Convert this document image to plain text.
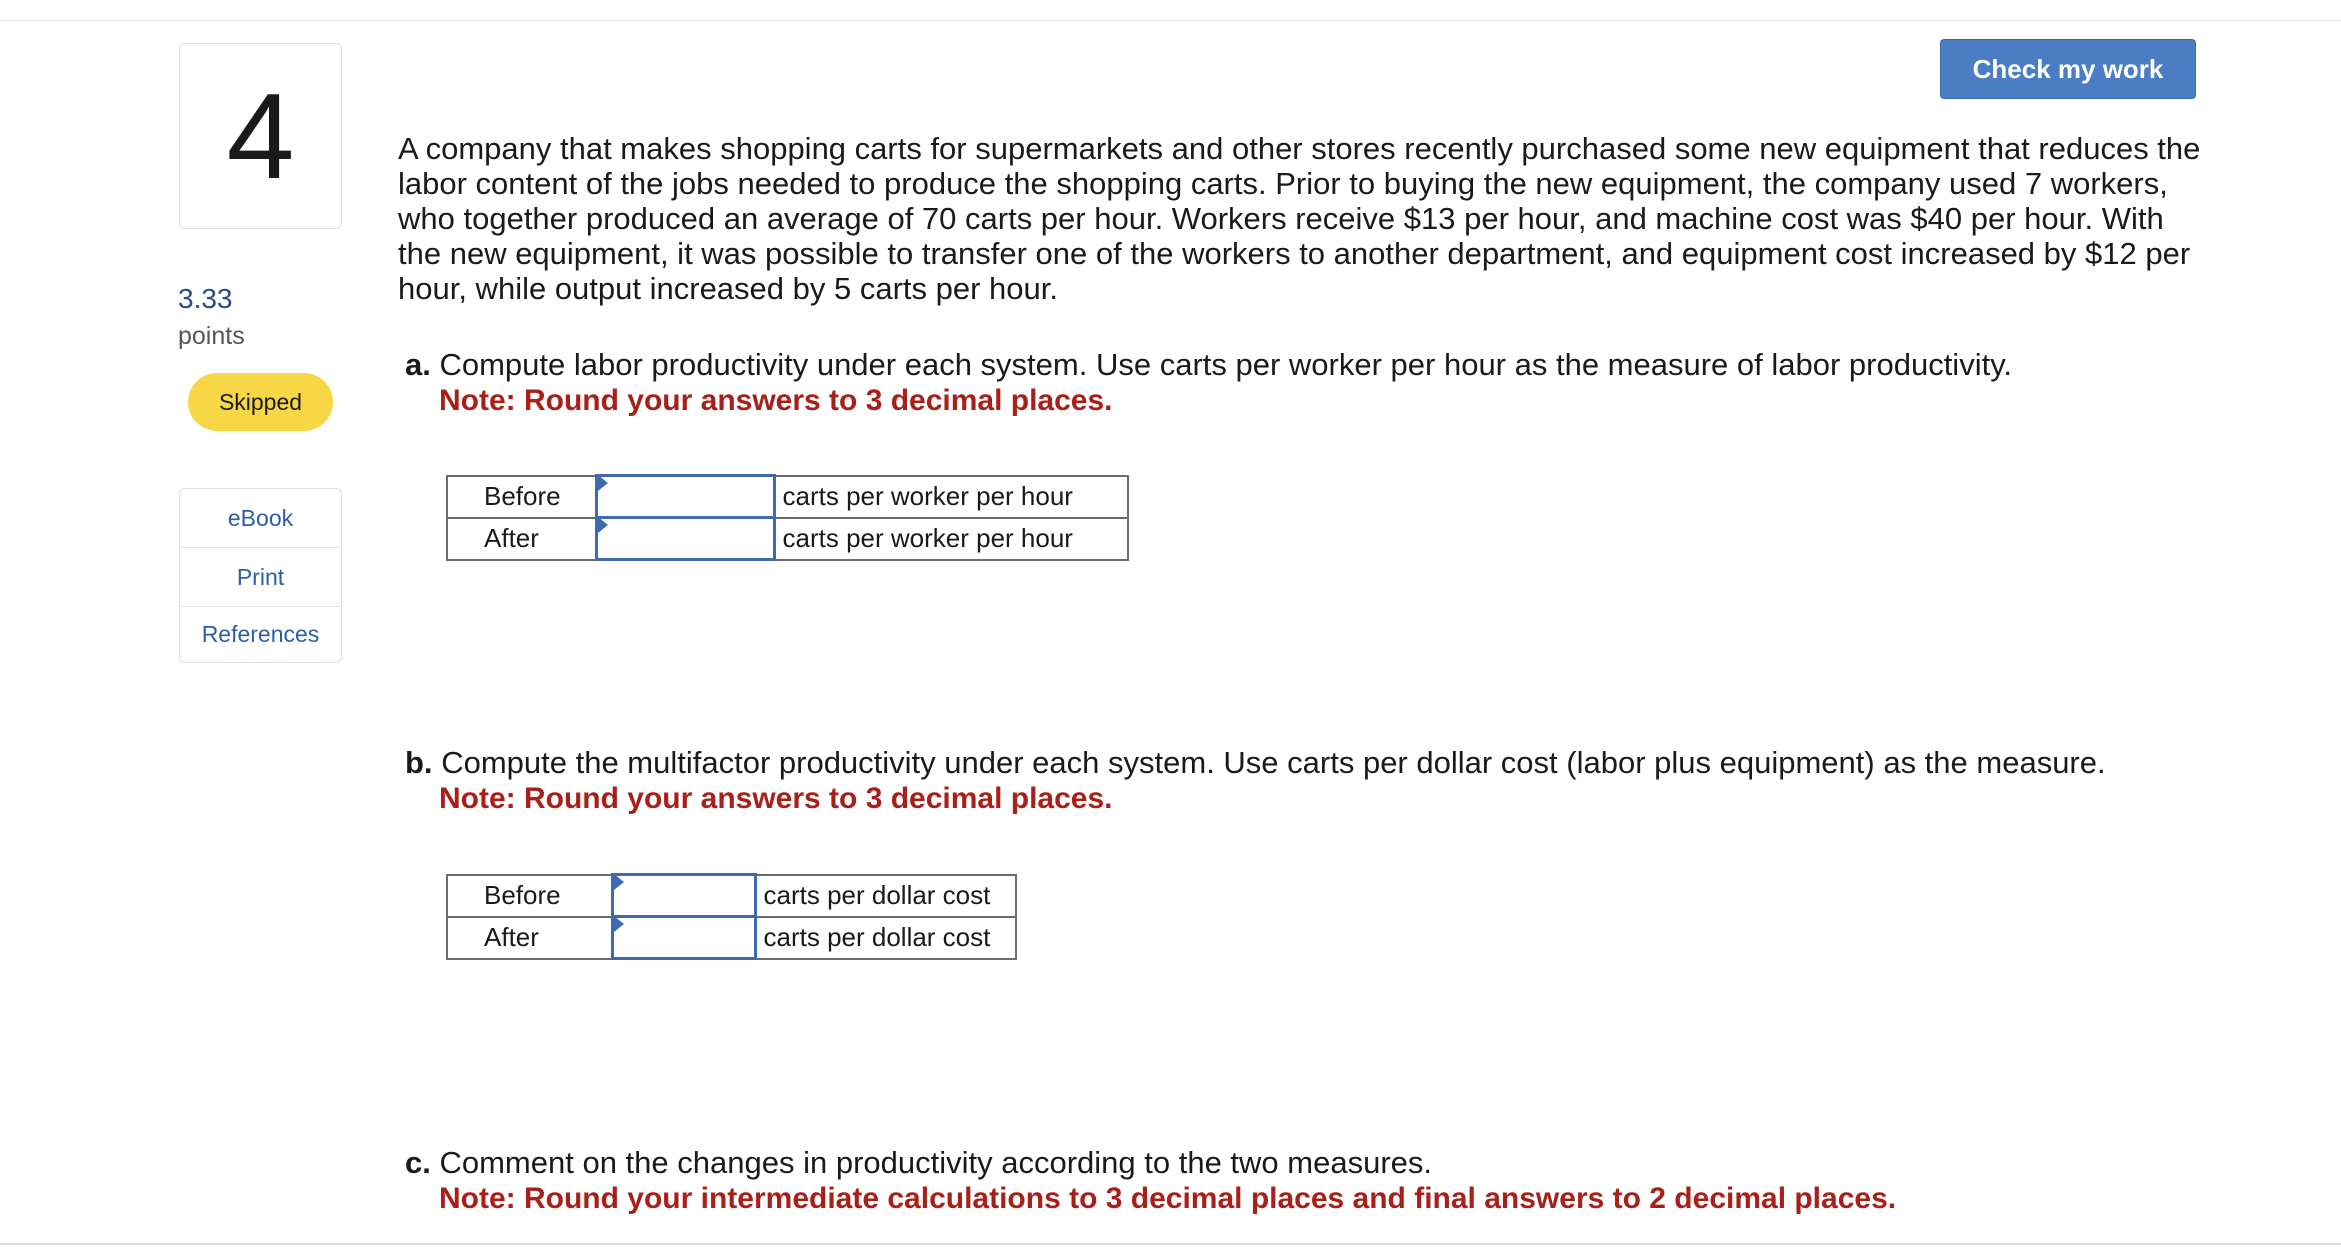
4
3.33
points
Skipped
eBook
Print
References
Check my work
A company that makes shopping carts for supermarkets and other stores recently purchased some new equipment that reduces the labor content of the jobs needed to produce the shopping carts. Prior to buying the new equipment, the company used 7 workers, who together produced an average of 70 carts per hour. Workers receive $13 per hour, and machine cost was $40 per hour. With the new equipment, it was possible to transfer one of the workers to another department, and equipment cost increased by $12 per hour, while output increased by 5 carts per hour.
a. Compute labor productivity under each system. Use carts per worker per hour as the measure of labor productivity.
Note: Round your answers to 3 decimal places.
Before		carts per worker per hour
After		carts per worker per hour
b. Compute the multifactor productivity under each system. Use carts per dollar cost (labor plus equipment) as the measure.
Note: Round your answers to 3 decimal places.
Before		carts per dollar cost
After		carts per dollar cost
c. Comment on the changes in productivity according to the two measures.
Note: Round your intermediate calculations to 3 decimal places and final answers to 2 decimal places.
